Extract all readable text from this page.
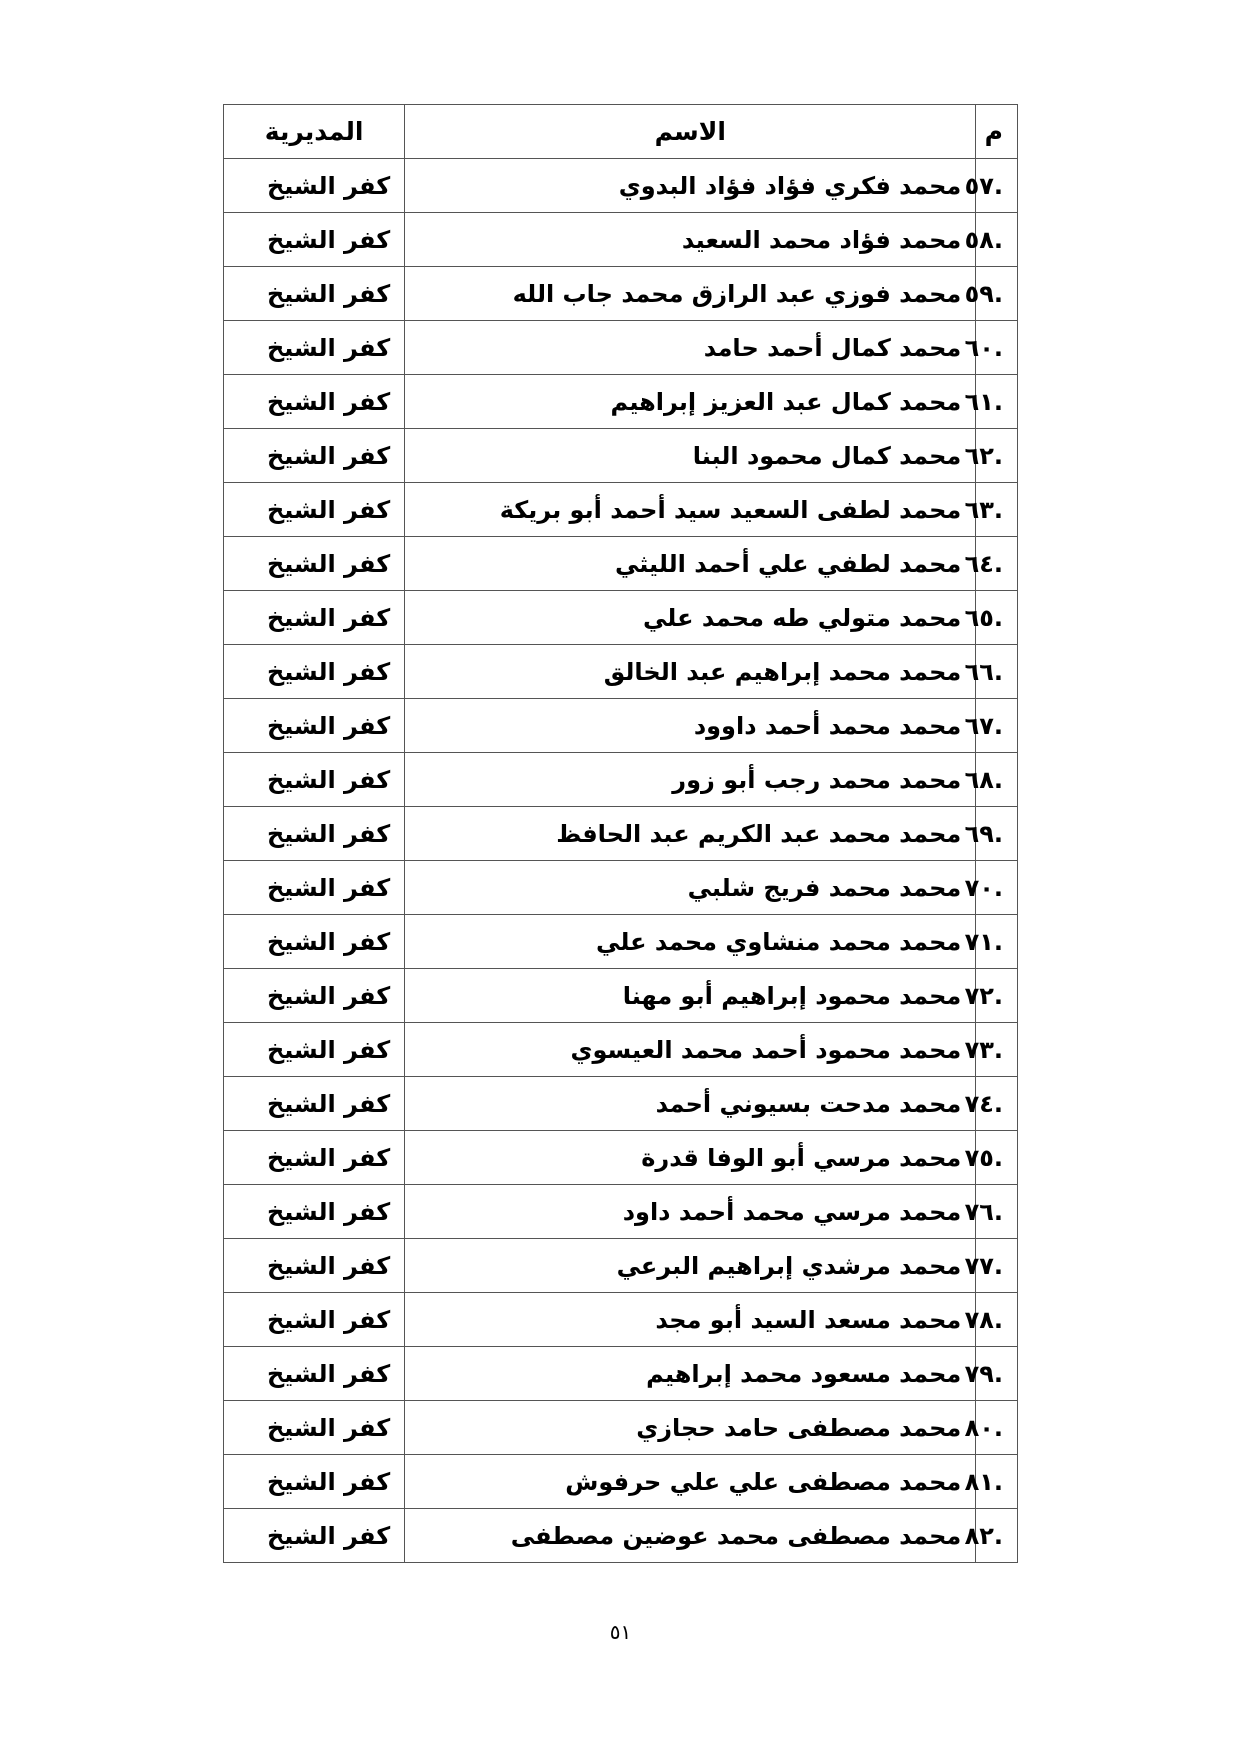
م	الاسم	المديرية
.٥٧	محمد فكري فؤاد فؤاد البدوي	كفر الشيخ
.٥٨	محمد فؤاد محمد السعيد	كفر الشيخ
.٥٩	محمد فوزي عبد الرازق محمد جاب الله	كفر الشيخ
.٦٠	محمد كمال أحمد حامد	كفر الشيخ
.٦١	محمد كمال عبد العزيز إبراهيم	كفر الشيخ
.٦٢	محمد كمال محمود البنا	كفر الشيخ
.٦٣	محمد لطفى السعيد سيد أحمد أبو بريكة	كفر الشيخ
.٦٤	محمد لطفي علي أحمد الليثي	كفر الشيخ
.٦٥	محمد متولي طه محمد علي	كفر الشيخ
.٦٦	محمد محمد إبراهيم عبد الخالق	كفر الشيخ
.٦٧	محمد محمد أحمد داوود	كفر الشيخ
.٦٨	محمد محمد رجب أبو زور	كفر الشيخ
.٦٩	محمد محمد عبد الكريم عبد الحافظ	كفر الشيخ
.٧٠	محمد محمد فريج شلبي	كفر الشيخ
.٧١	محمد محمد منشاوي محمد علي	كفر الشيخ
.٧٢	محمد محمود إبراهيم أبو مهنا	كفر الشيخ
.٧٣	محمد محمود أحمد محمد العيسوي	كفر الشيخ
.٧٤	محمد مدحت بسيوني أحمد	كفر الشيخ
.٧٥	محمد مرسي أبو الوفا قدرة	كفر الشيخ
.٧٦	محمد مرسي محمد أحمد داود	كفر الشيخ
.٧٧	محمد مرشدي إبراهيم البرعي	كفر الشيخ
.٧٨	محمد مسعد السيد أبو مجد	كفر الشيخ
.٧٩	محمد مسعود محمد إبراهيم	كفر الشيخ
.٨٠	محمد مصطفى حامد حجازي	كفر الشيخ
.٨١	محمد مصطفى علي علي حرفوش	كفر الشيخ
.٨٢	محمد مصطفى محمد عوضين مصطفى	كفر الشيخ
٥١
